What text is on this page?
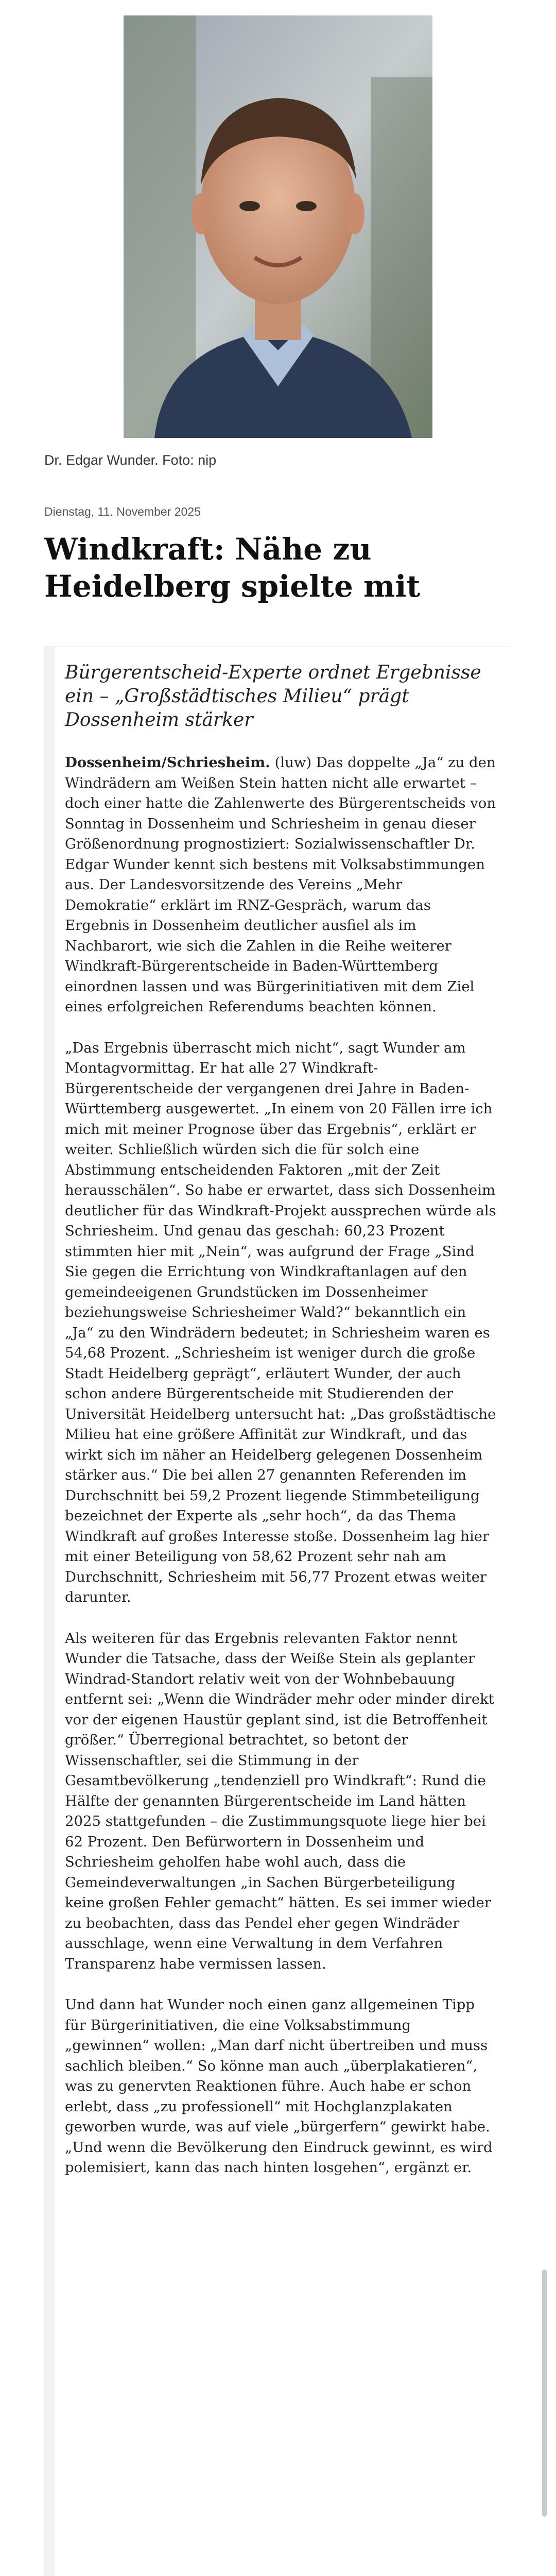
Dr. Edgar Wunder. Foto: nip
Dienstag, 11. November 2025
Windkraft: Nähe zu Heidelberg spielte mit

Bürgerentscheid-Experte ordnet Ergebnisse ein – „Großstädtisches Milieu“ prägt Dossenheim stärker

Dossenheim/Schriesheim. (luw) Das doppelte „Ja“ zu den Windrädern am Weißen Stein hatten nicht alle erwartet – doch einer hatte die Zahlenwerte des Bürgerentscheids von Sonntag in Dossenheim und Schriesheim in genau dieser Größenordnung prognostiziert: Sozialwissenschaftler Dr. Edgar Wunder kennt sich bestens mit Volksabstimmungen aus. Der Landesvorsitzende des Vereins „Mehr Demokratie“ erklärt im RNZ-Gespräch, warum das Ergebnis in Dossenheim deutlicher ausfiel als im Nachbarort, wie sich die Zahlen in die Reihe weiterer Windkraft-Bürgerentscheide in Baden-Württemberg einordnen lassen und was Bürgerinitiativen mit dem Ziel eines erfolgreichen Referendums beachten können.

„Das Ergebnis überrascht mich nicht“, sagt Wunder am Montagvormittag. Er hat alle 27 Windkraft-Bürgerentscheide der vergangenen drei Jahre in Baden-Württemberg ausgewertet. „In einem von 20 Fällen irre ich mich mit meiner Prognose über das Ergebnis“, erklärt er weiter. Schließlich würden sich die für solch eine Abstimmung entscheidenden Faktoren „mit der Zeit herausschälen“. So habe er erwartet, dass sich Dossenheim deutlicher für das Windkraft-Projekt aussprechen würde als Schriesheim. Und genau das geschah: 60,23 Prozent stimmten hier mit „Nein“, was aufgrund der Frage „Sind Sie gegen die Errichtung von Windkraftanlagen auf den gemeindeeigenen Grundstücken im Dossenheimer beziehungsweise Schriesheimer Wald?“ bekanntlich ein „Ja“ zu den Windrädern bedeutet; in Schriesheim waren es 54,68 Prozent. „Schriesheim ist weniger durch die große Stadt Heidelberg geprägt“, erläutert Wunder, der auch schon andere Bürgerentscheide mit Studierenden der Universität Heidelberg untersucht hat: „Das großstädtische Milieu hat eine größere Affinität zur Windkraft, und das wirkt sich im näher an Heidelberg gelegenen Dossenheim stärker aus.“ Die bei allen 27 genannten Referenden im Durchschnitt bei 59,2 Prozent liegende Stimmbeteiligung bezeichnet der Experte als „sehr hoch“, da das Thema Windkraft auf großes Interesse stoße. Dossenheim lag hier mit einer Beteiligung von 58,62 Prozent sehr nah am Durchschnitt, Schriesheim mit 56,77 Prozent etwas weiter darunter.

Als weiteren für das Ergebnis relevanten Faktor nennt Wunder die Tatsache, dass der Weiße Stein als geplanter Windrad-Standort relativ weit von der Wohnbebauung entfernt sei: „Wenn die Windräder mehr oder minder direkt vor der eigenen Haustür geplant sind, ist die Betroffenheit größer.“ Überregional betrachtet, so betont der Wissenschaftler, sei die Stimmung in der Gesamtbevölkerung „tendenziell pro Windkraft“: Rund die Hälfte der genannten Bürgerentscheide im Land hätten 2025 stattgefunden – die Zustimmungsquote liege hier bei 62 Prozent. Den Befürwortern in Dossenheim und Schriesheim geholfen habe wohl auch, dass die Gemeindeverwaltungen „in Sachen Bürgerbeteiligung keine großen Fehler gemacht“ hätten. Es sei immer wieder zu beobachten, dass das Pendel eher gegen Windräder ausschlage, wenn eine Verwaltung in dem Verfahren Transparenz habe vermissen lassen.

Und dann hat Wunder noch einen ganz allgemeinen Tipp für Bürgerinitiativen, die eine Volksabstimmung „gewinnen“ wollen: „Man darf nicht übertreiben und muss sachlich bleiben.“ So könne man auch „überplakatieren“, was zu genervten Reaktionen führe. Auch habe er schon erlebt, dass „zu professionell“ mit Hochglanzplakaten geworben wurde, was auf viele „bürgerfern“ gewirkt habe. „Und wenn die Bevölkerung den Eindruck gewinnt, es wird polemisiert, kann das nach hinten losgehen“, ergänzt er.
